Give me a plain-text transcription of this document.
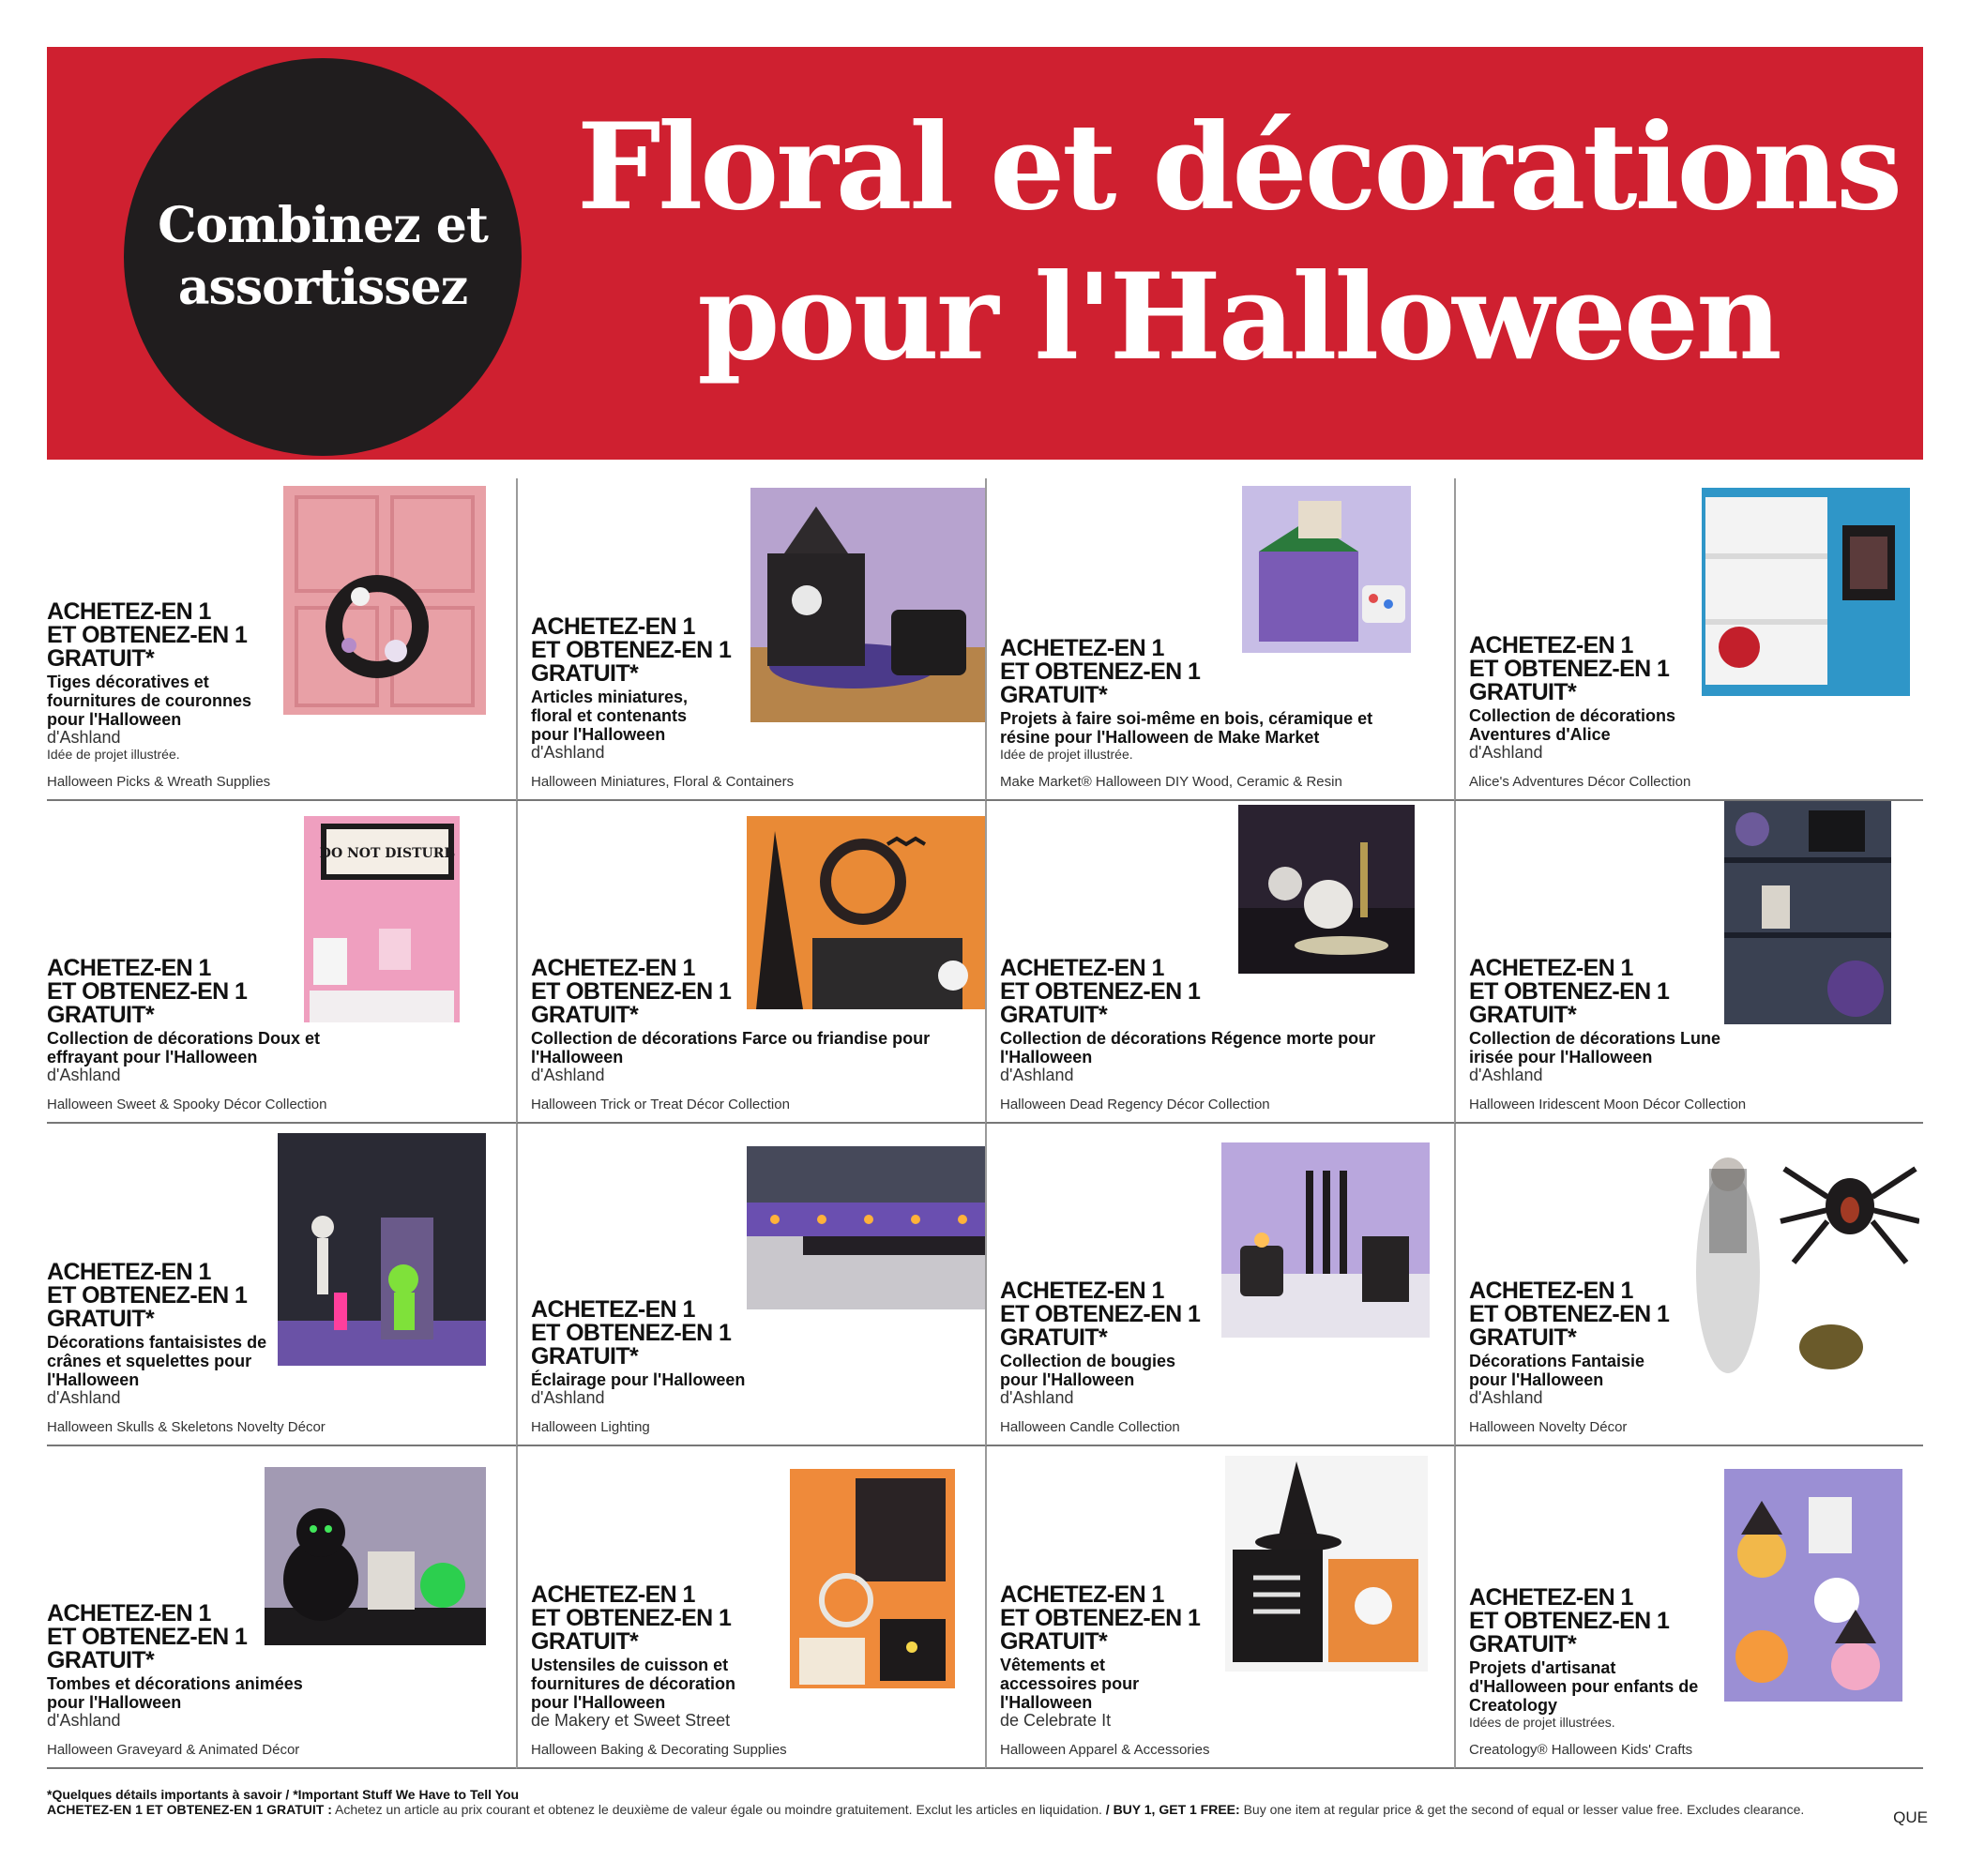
Combinez et
assortissez
Floral et décorations
pour l'Halloween
ACHETEZ-EN 1
ET OBTENEZ-EN 1
GRATUIT*
Tiges décoratives et fournitures de couronnes pour l'Halloween
d'Ashland
Idée de projet illustrée.
Halloween Picks & Wreath Supplies
ACHETEZ-EN 1
ET OBTENEZ-EN 1
GRATUIT*
Articles miniatures, floral et contenants pour l'Halloween
d'Ashland
Halloween Miniatures, Floral & Containers
ACHETEZ-EN 1
ET OBTENEZ-EN 1
GRATUIT*
Projets à faire soi-même en bois, céramique et résine pour l'Halloween de Make Market
Idée de projet illustrée.
Make Market® Halloween DIY Wood, Ceramic & Resin
ACHETEZ-EN 1
ET OBTENEZ-EN 1
GRATUIT*
Collection de décorations Aventures d'Alice
d'Ashland
Alice's Adventures Décor Collection
DO NOT DISTURB
ACHETEZ-EN 1
ET OBTENEZ-EN 1
GRATUIT*
Collection de décorations Doux et effrayant pour l'Halloween
d'Ashland
Halloween Sweet & Spooky Décor Collection
ACHETEZ-EN 1
ET OBTENEZ-EN 1
GRATUIT*
Collection de décorations Farce ou friandise pour l'Halloween
d'Ashland
Halloween Trick or Treat Décor Collection
ACHETEZ-EN 1
ET OBTENEZ-EN 1
GRATUIT*
Collection de décorations Régence morte pour l'Halloween
d'Ashland
Halloween Dead Regency Décor Collection
ACHETEZ-EN 1
ET OBTENEZ-EN 1
GRATUIT*
Collection de décorations Lune irisée pour l'Halloween
d'Ashland
Halloween Iridescent Moon Décor Collection
ACHETEZ-EN 1
ET OBTENEZ-EN 1
GRATUIT*
Décorations fantaisistes de crânes et squelettes pour l'Halloween
d'Ashland
Halloween Skulls & Skeletons Novelty Décor
ACHETEZ-EN 1
ET OBTENEZ-EN 1
GRATUIT*
Éclairage pour l'Halloween
d'Ashland
Halloween Lighting
ACHETEZ-EN 1
ET OBTENEZ-EN 1
GRATUIT*
Collection de bougies pour l'Halloween
d'Ashland
Halloween Candle Collection
ACHETEZ-EN 1
ET OBTENEZ-EN 1
GRATUIT*
Décorations Fantaisie pour l'Halloween
d'Ashland
Halloween Novelty Décor
ACHETEZ-EN 1
ET OBTENEZ-EN 1
GRATUIT*
Tombes et décorations animées pour l'Halloween
d'Ashland
Halloween Graveyard & Animated Décor
ACHETEZ-EN 1
ET OBTENEZ-EN 1
GRATUIT*
Ustensiles de cuisson et fournitures de décoration pour l'Halloween
de Makery et Sweet Street
Halloween Baking & Decorating Supplies
ACHETEZ-EN 1
ET OBTENEZ-EN 1
GRATUIT*
Vêtements et accessoires pour l'Halloween
de Celebrate It
Halloween Apparel & Accessories
ACHETEZ-EN 1
ET OBTENEZ-EN 1
GRATUIT*
Projets d'artisanat d'Halloween pour enfants de Creatology
Idées de projet illustrées.
Creatology® Halloween Kids' Crafts
*Quelques détails importants à savoir / *Important Stuff We Have to Tell You
ACHETEZ-EN 1 ET OBTENEZ-EN 1 GRATUIT : Achetez un article au prix courant et obtenez le deuxième de valeur égale ou moindre gratuitement. Exclut les articles en liquidation. / BUY 1, GET 1 FREE: Buy one item at regular price & get the second of equal or lesser value free. Excludes clearance.	QUE
